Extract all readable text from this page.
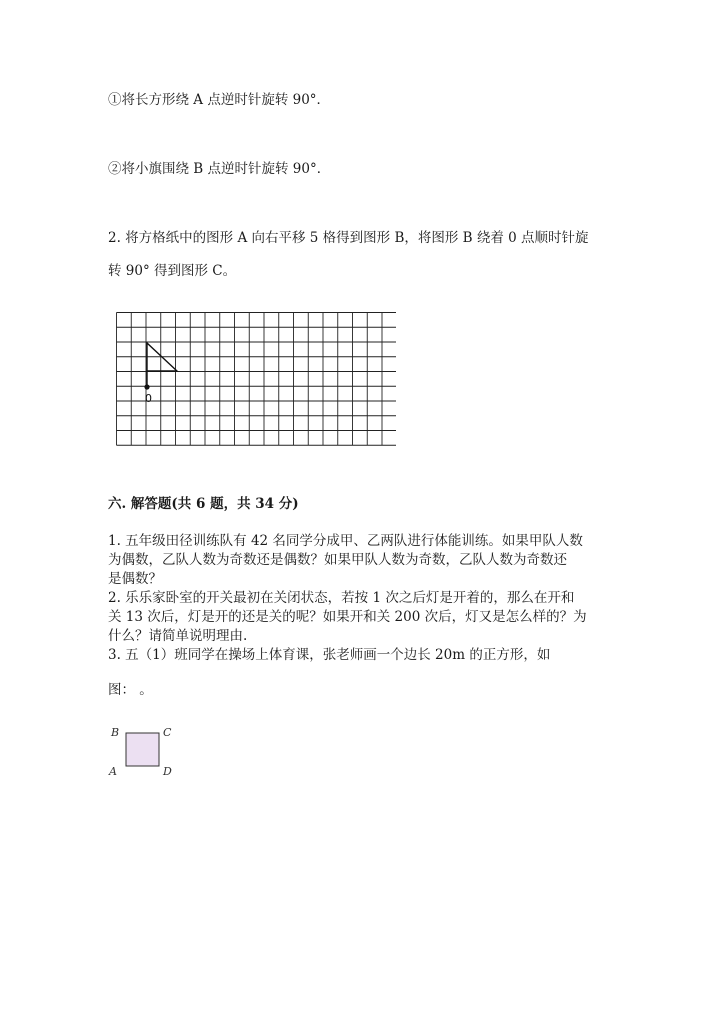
①将长方形绕 A 点逆时针旋转 90°．
②将小旗围绕 B 点逆时针旋转 90°．
2. 将方格纸中的图形 A 向右平移 5 格得到图形 B，将图形 B 绕着 0 点顺时针旋
转 90° 得到图形 C。
0
六. 解答题(共 6 题，共 34 分)
1. 五年级田径训练队有 42 名同学分成甲、乙两队进行体能训练。如果甲队人数
为偶数，乙队人数为奇数还是偶数？如果甲队人数为奇数，乙队人数为奇数还
是偶数？
2. 乐乐家卧室的开关最初在关闭状态，若按 1 次之后灯是开着的，那么在开和
关 13 次后，灯是开的还是关的呢？如果开和关 200 次后，灯又是怎么样的？为
什么？请简单说明理由.
3. 五（1）班同学在操场上体育课，张老师画一个边长 20m 的正方形，如
图： 。
B	C
A	D
